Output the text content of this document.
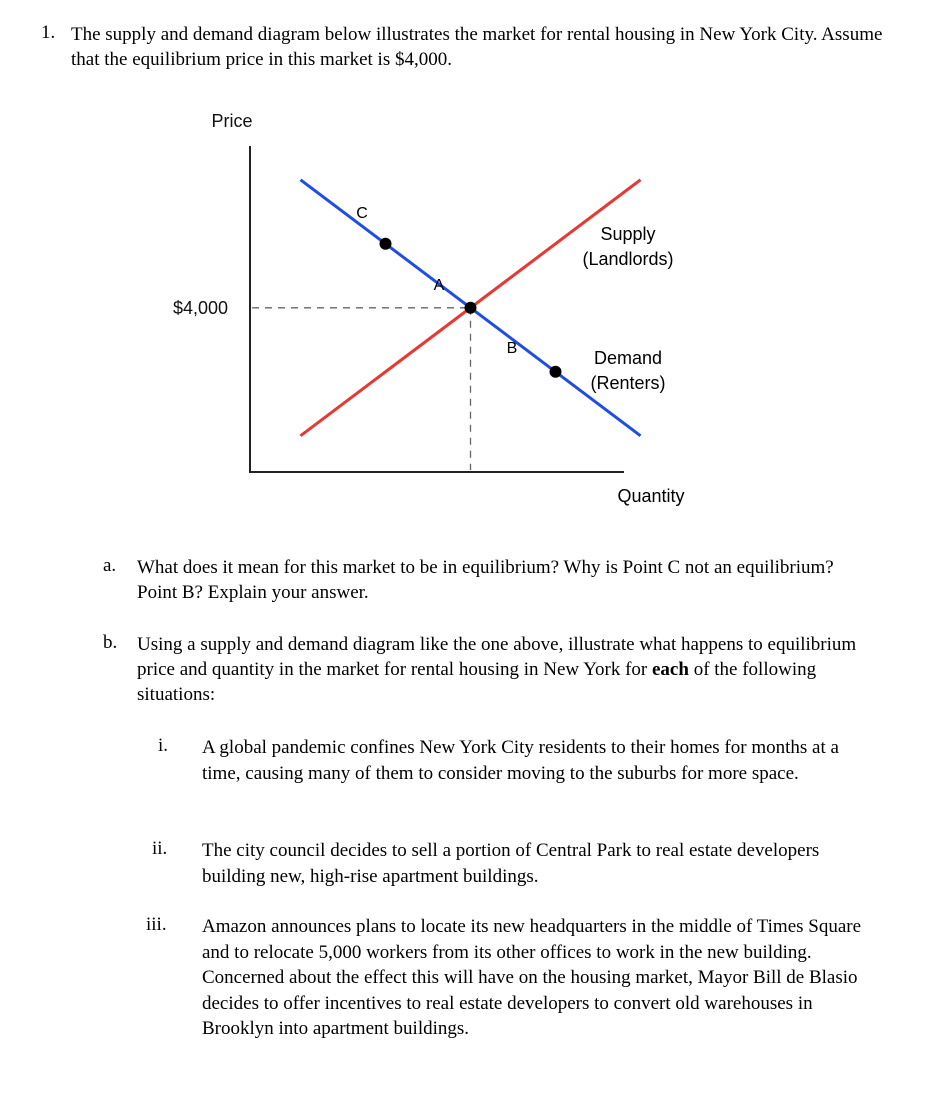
1. The supply and demand diagram below illustrates the market for rental housing in New York City. Assume that the equilibrium price in this market is $4,000.
Price
$4,000
C
A
B
Supply
(Landlords)
Demand
(Renters)
Quantity
a. What does it mean for this market to be in equilibrium? Why is Point C not an equilibrium? Point B? Explain your answer.
b. Using a supply and demand diagram like the one above, illustrate what happens to equilibrium price and quantity in the market for rental housing in New York for each of the following situations:
i. A global pandemic confines New York City residents to their homes for months at a time, causing many of them to consider moving to the suburbs for more space.
ii. The city council decides to sell a portion of Central Park to real estate developers building new, high-rise apartment buildings.
iii. Amazon announces plans to locate its new headquarters in the middle of Times Square and to relocate 5,000 workers from its other offices to work in the new building. Concerned about the effect this will have on the housing market, Mayor Bill de Blasio decides to offer incentives to real estate developers to convert old warehouses in Brooklyn into apartment buildings.
